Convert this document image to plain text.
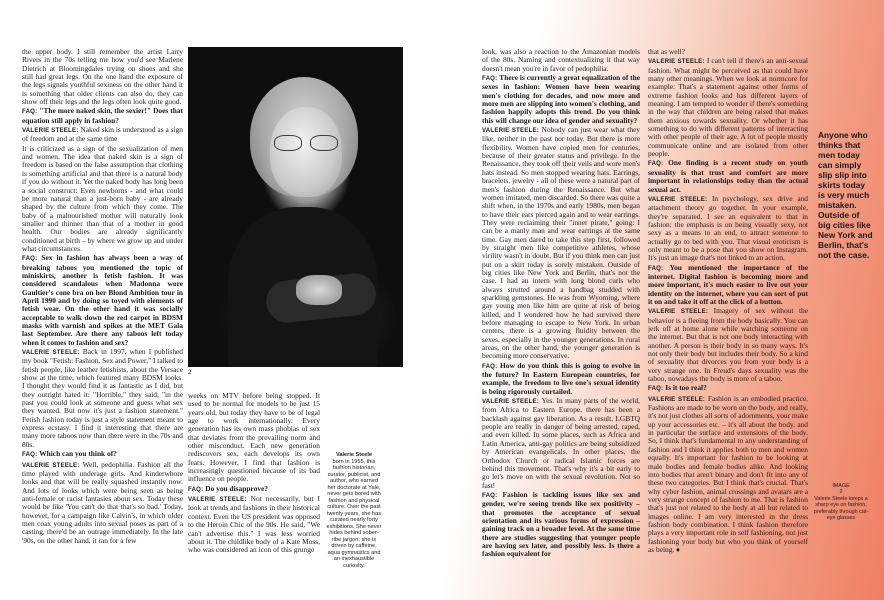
the upper body. I still remember the artist Larry Rivers in the 70s telling me how you'd see Marlene Dietrich at Bloomingdales trying on shoes and she still had great legs. On the one hand the exposure of the legs signals youthful sexiness on the other hand it is something that older clients can also do, they can show off their legs and the legs often look quite good.

FAQ: "The more naked skin, the sexier!" Does that equation still apply in fashion?

VALERIE STEELE: Naked skin is understood as a sign of freedom and at the same time

It is criticized as a sign of the sexualization of men and women. The idea that naked skin is a sign of freedom is based on the false assumption that clothing is something artificial and that there is a natural body if you do without it. Yet the naked body has long been a social construct: Even newborns - and what could be more natural than a just-born baby - are already shaped by the culture from which they come. The baby of a malnourished mother will naturally look smaller and thinner than that of a mother in good health. Our bodies are already significantly conditioned at birth – by where we grow up and under what circumstances.

FAQ: Sex in fashion has always been a way of breaking taboos you mentioned the topic of miniskirts, another is fetish fashion. It was considered scandalous when Madonna wore Gaultier's cone bra on her Blond Ambition tour in April 1990 and by doing so toyed with elements of fetish wear. On the other hand it was socially acceptable to walk down the red carpet in BDSM masks with varnish and spikes at the MET Gala last September. Are there any taboos left today when it comes to fashion and sex?

VALERIE STEELE: Back in 1997, when I published my book "Fetish: Fashion, Sex and Power," I talked to fetish people, like leather fetishists, about the Versace show at the time, which featured many BDSM looks. I thought they would find it as fantastic as I did, but they outright hated it: "Horrible," they said, "in the past you could look at someone and guess what sex they wanted. But now it's just a fashion statement." Fetish fashion today is just a style statement meant to express ecstasy. I find it interesting that there are many more taboos now than there were in the 70s and 80s.

FAQ: Which can you think of?

VALERIE STEELE: Well, pedophilia. Fashion all the time played with underage girls. And kinderwhore looks and that will be really squashed instantly now. And lots of looks which were being seen as being anti-female or racist fantasies about sex. Today these would be like 'You can't do that that's so bad.' Today, however, for a campaign like Calvin's, in which older men coax young adults into sexual poses as part of a casting, there'd be an outrage immediately. In the late '90s, on the other hand, it ran for a few

2

weeks on MTV before being stopped. It used to be normal for models to be just 15 years old, but today they have to be of legal age to work internationally. Every generation has its own mass phobias of sex that deviates from the prevailing norm and other misconduct. Each new generation rediscovers sex, each develops its own fears. However, I find that fashion is increasingly questioned because of its bad influence on people.

FAQ: Do you disapprove?

VALERIE STEELE: Not necessarily, but I look at trends and fashions in their historical context. Even the US president was opposed to the Heroin Chic of the 90s. He said, "We can't advertise this." I was less worried about it. The childlike body of a Kate Moss, who was considered an icon of this grunge

Valerie Steele
born in 1955, this fashion historian, curator, publicist, and author, who earned her doctorate at Yale, never gets bored with fashion and physical culture. Over the past twenty years, she has curated nearly forty exhibitions. She never hides behind sober-ribe jargon; she is driven by caffeine, aqua gymnastics and an inexhaustible curiosity.

look, was also a reaction to the Amazonian models of the 80s. Naming and contextualizing it that way doesn't mean you're in favor of pedophilia.

FAQ: There is currently a great equalization of the sexes in fashion: Women have been wearing men's clothing for decades, and now more and more men are slipping into women's clothing, and fashion happily adopts this trend. Do you think this will change our idea of gender and sexuality?

VALERIE STEELE: Nobody can just wear what they like, neither in the past nor today. But there is more flexibility. Women have copied men for centuries, because of their greater status and privilege. In the Renaissance, they took off their veils and wore men's hats instead. So men stopped wearing hats. Earrings, bracelets, jewelry - all of these were a natural part of men's fashion during the Renaissance. But what women imitated, men discarded. So there was quite a shift when, in the 1970s and early 1980s, men began to have their ears pierced again and to wear earrings. They were reclaiming their "inner pirate," going: I can be a manly man and wear earrings at the same time. Gay men dared to take this step first, followed by straight men like competitive athletes, whose virility wasn't in doubt. But if you think men can just put on a skirt today is sorely mistaken. Outside of big cities like New York and Berlin, that's not the case. I had an intern with long blond curls who always strutted around a handbag studded with sparkling gemstones. He was from Wyoming, where gay young men like him are quite at risk of being killed, and I wondered how he had survived there before managing to escape to New York. In urban centers, there is a growing fluidity between the sexes, especially in the younger generations. In rural areas, on the other hand, the younger generation is becoming more conservative.

FAQ: How do you think this is going to evolve in the future? In Eastern European countries, for example, the freedom to live one's sexual identity is being rigorously curtailed.

VALERIE STEELE: Yes. In many parts of the world, from Africa to Eastern Europe, there has been a backlash against gay liberation. As a result, LGBTQ people are really in danger of being arrested, raped, and even killed. In some places, such as Africa and Latin America, anti-gay politics are being subsidized by American evangelicals. In other places, the Orthodox Church or radical Islamic forces are behind this movement. That's why it's a bit early to go let's move on with the sexual revolution. Not so fast!

FAQ: Fashion is tackling issues like sex and gender, we're seeing trends like sex positivity – that promotes the acceptance of sexual orientation and its various forms of expression – gaining track on a broader level. At the same time there are studies suggesting that younger people are having sex later, and possibly less. Is there a fashion equivalent for

that as well?

VALERIE STEELE: I can't tell if there's an anti-sexual fashion. What might be perceived as that could have many other meanings. When we look at normcore for example: That's a statement against other forms of extreme fashion looks and has different layers of meaning. I am tempted to wonder if there's something in the way that children are being raised that makes them anxious towards sexuality. Or whether it has something to do with different patterns of interacting with other people of their age. A lot of people mostly communicate online and are isolated from other people.

FAQ: One finding is a recent study on youth sexuality is that trust and comfort are more important in relationships today than the actual sexual act.

VALERIE STEELE: In psychology, sex drive and attachment theory go together. In your example, they're separated. I see an equivalent to that in fashion: the emphasis is on being visually sexy, not sexy as a means to an end, to attract someone to actually go to bed with you. That visual eroticism is only meant to be a pose that you show on Instagram. It's just an image that's not linked to an action.

FAQ: You mentioned the importance of the internet. Digital fashion is becoming more and more important, it's much easier to live out your identity on the internet, where you can sort of put it on and take it off at the click of a button.

VALERIE STEELE: Imagery of sex without the behavior is a fleeing from the body basically. You can jerk off at home alone while watching someone on the internet. But that is not one body interacting with another. A person is their body in so many ways. It's not only their body but includes their body. So a kind of sexuality that divorces you from your body is a very strange one. In Freud's days sexuality was the taboo, nowadays the body is more of a taboo.

FAQ: Is it too real?

VALERIE STEELE: Fashion is an embodied practice. Fashions are made to be worn on the body, and really, it's not just clothes all sorts of adornments, your make up your accessories etc. – it's all about the body, and in particular the surface and extensions of the body. So, I think that's fundamental to any understanding of fashion and I think it applies both to men and women equally. It's important for fashion to be looking at male bodies and female bodies alike. And looking into bodies that aren't binary and don't fit into any of these two categories. But I think that's crucial. That's why cyber fashion, animal crossings and avatars are a very strange concept of fashion to me. That is fashion that's just not related to the body at all but related to images online. I am very interested in the dress fashion body combination. I think fashion therefore plays a very important role in self fashioning, not just fashioning your body but who you think of yourself as being. ♦

Anyone who thinks that men today can simply slip slip into skirts today is very much mistaken. Outside of big cities like New York and Berlin, that's not the case.
IMAGE
2
Valerie Steele keeps a sharp eye on fashion, preferably through cat-eye glasses
